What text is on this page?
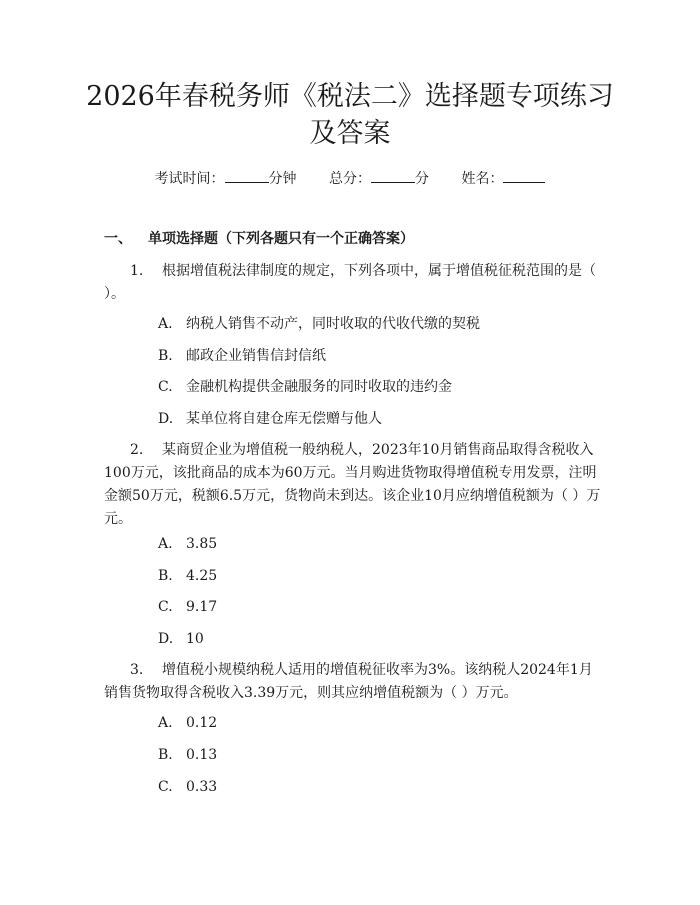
2026年春税务师《税法二》选择题专项练习
及答案
考试时间：	分钟 总分：	分 姓名：
一、 单项选择题（下列各题只有一个正确答案）
1. 根据增值税法律制度的规定，下列各项中，属于增值税征税范围的是（ ）。
A. 纳税人销售不动产，同时收取的代收代缴的契税
B. 邮政企业销售信封信纸
C. 金融机构提供金融服务的同时收取的违约金
D. 某单位将自建仓库无偿赠与他人
2. 某商贸企业为增值税一般纳税人，2023年10月销售商品取得含税收入100万元，该批商品的成本为60万元。当月购进货物取得增值税专用发票，注明金额50万元，税额6.5万元，货物尚未到达。该企业10月应纳增值税额为（ ）万元。
A. 3.85
B. 4.25
C. 9.17
D. 10
3. 增值税小规模纳税人适用的增值税征收率为3%。该纳税人2024年1月销售货物取得含税收入3.39万元，则其应纳增值税额为（ ）万元。
A. 0.12
B. 0.13
C. 0.33
